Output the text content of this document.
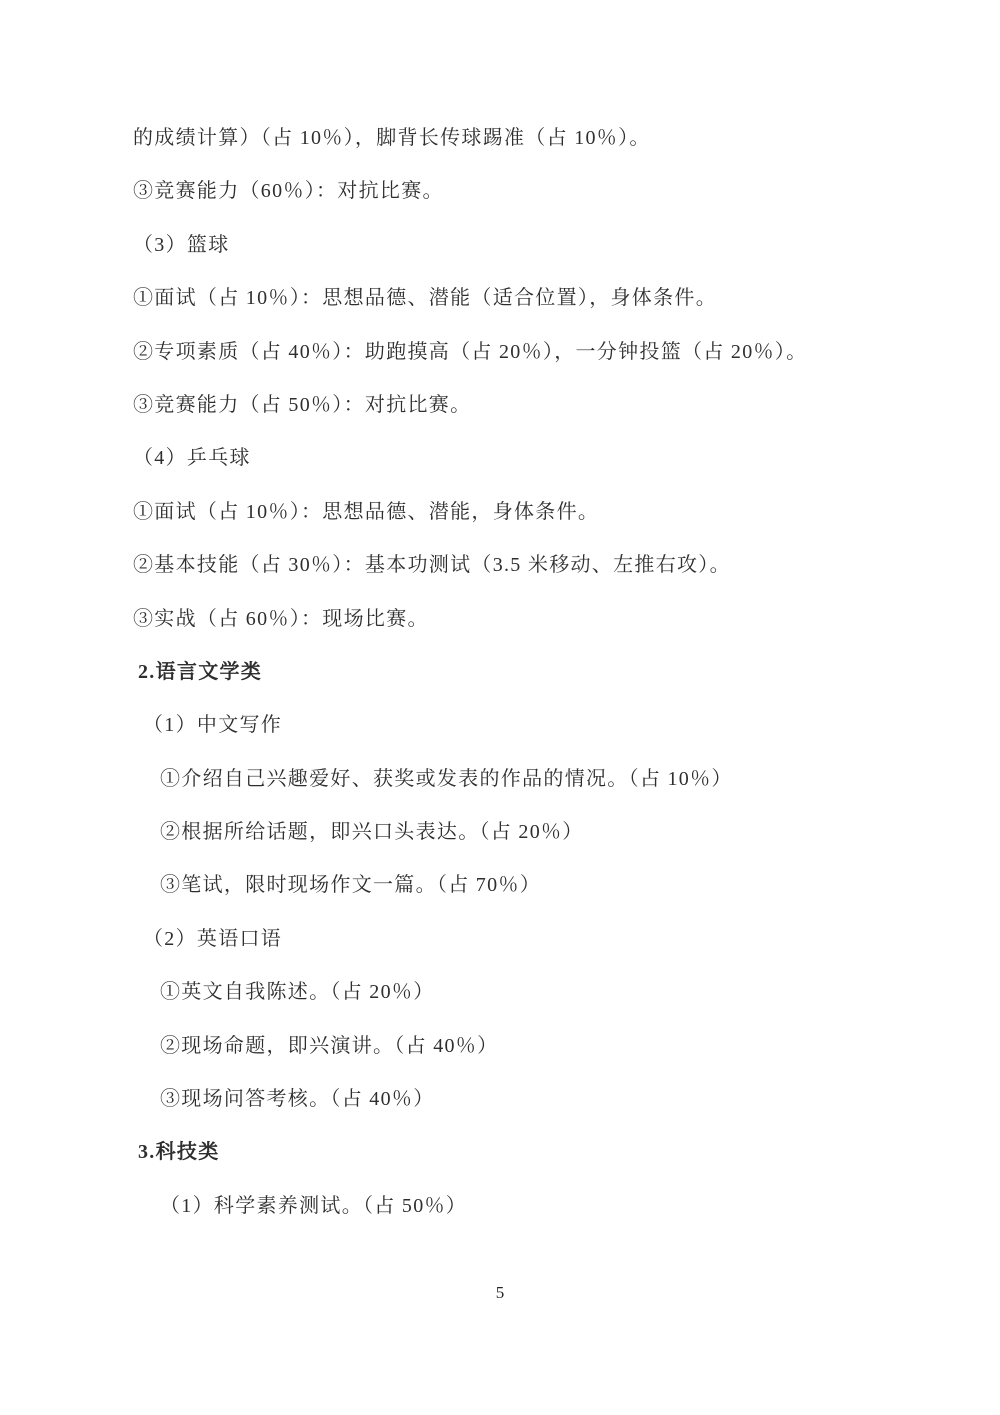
的成绩计算）（占 10％），脚背长传球踢准（占 10％）。

③竞赛能力（60％）：对抗比赛。

（3）篮球

①面试（占 10％）：思想品德、潜能（适合位置），身体条件。

②专项素质（占 40％）：助跑摸高（占 20％），一分钟投篮（占 20％）。

③竞赛能力（占 50％）：对抗比赛。

（4）乒乓球

①面试（占 10％）：思想品德、潜能，身体条件。

②基本技能（占 30％）：基本功测试（3.5 米移动、左推右攻）。

③实战（占 60％）：现场比赛。

2.语言文学类

（1）中文写作

①介绍自己兴趣爱好、获奖或发表的作品的情况。（占 10％）

②根据所给话题，即兴口头表达。（占 20％）

③笔试，限时现场作文一篇。（占 70％）

（2）英语口语

①英文自我陈述。（占 20％）

②现场命题，即兴演讲。（占 40％）

③现场问答考核。（占 40％）

3.科技类

（1）科学素养测试。（占 50％）

5
